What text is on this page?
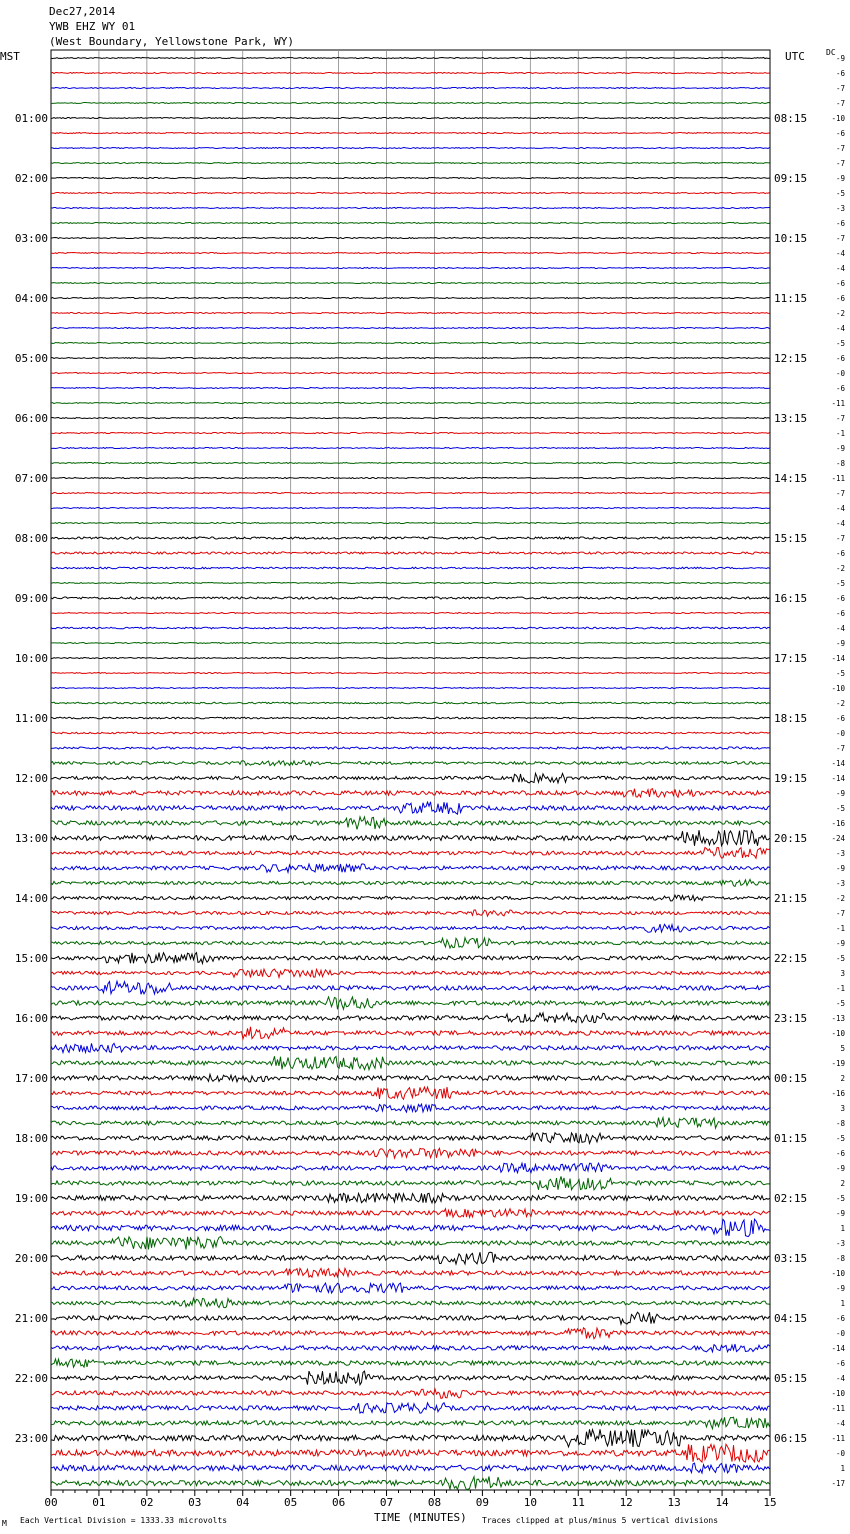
Dec27,2014
YWB EHZ WY 01
(West Boundary, Yellowstone Park, WY)
MST	UTC	DC
00	01	02	03	04	05	06	07	08	09	10	11	12	13	14	15
01:00
02:00
03:00
04:00
05:00
06:00
07:00
08:00
09:00
10:00
11:00
12:00
13:00
14:00
15:00
16:00
17:00
18:00
19:00
20:00
21:00
22:00
23:00
08:15
09:15
10:15
11:15
12:15
13:15
14:15
15:15
16:15
17:15
18:15
19:15
20:15
21:15
22:15
23:15
00:15
01:15
02:15
03:15
04:15
05:15
06:15
-9
-6
-7
-7
-10
-6
-7
-7
-9
-5
-3
-6
-7
-4
-4
-6
-6
-2
-4
-5
-6
-0
-6
-11
-7
-1
-9
-8
-11
-7
-4
-4
-7
-6
-2
-5
-6
-6
-4
-9
-14
-5
-10
-2
-6
-0
-7
-14
-14
-9
-5
-16
-24
-3
-9
-3
-2
-7
-1
-9
-5
3
-1
-5
-13
-10
5
-19
2
-16
3
-8
-5
-6
-9
2
-5
-9
1
-3
-8
-10
-9
1
-6
-0
-14
-6
-4
-10
-11
-4
-11
-0
1
-17
M Each Vertical Division = 1333.33 microvolts	TIME (MINUTES) Traces clipped at plus/minus 5 vertical divisions
